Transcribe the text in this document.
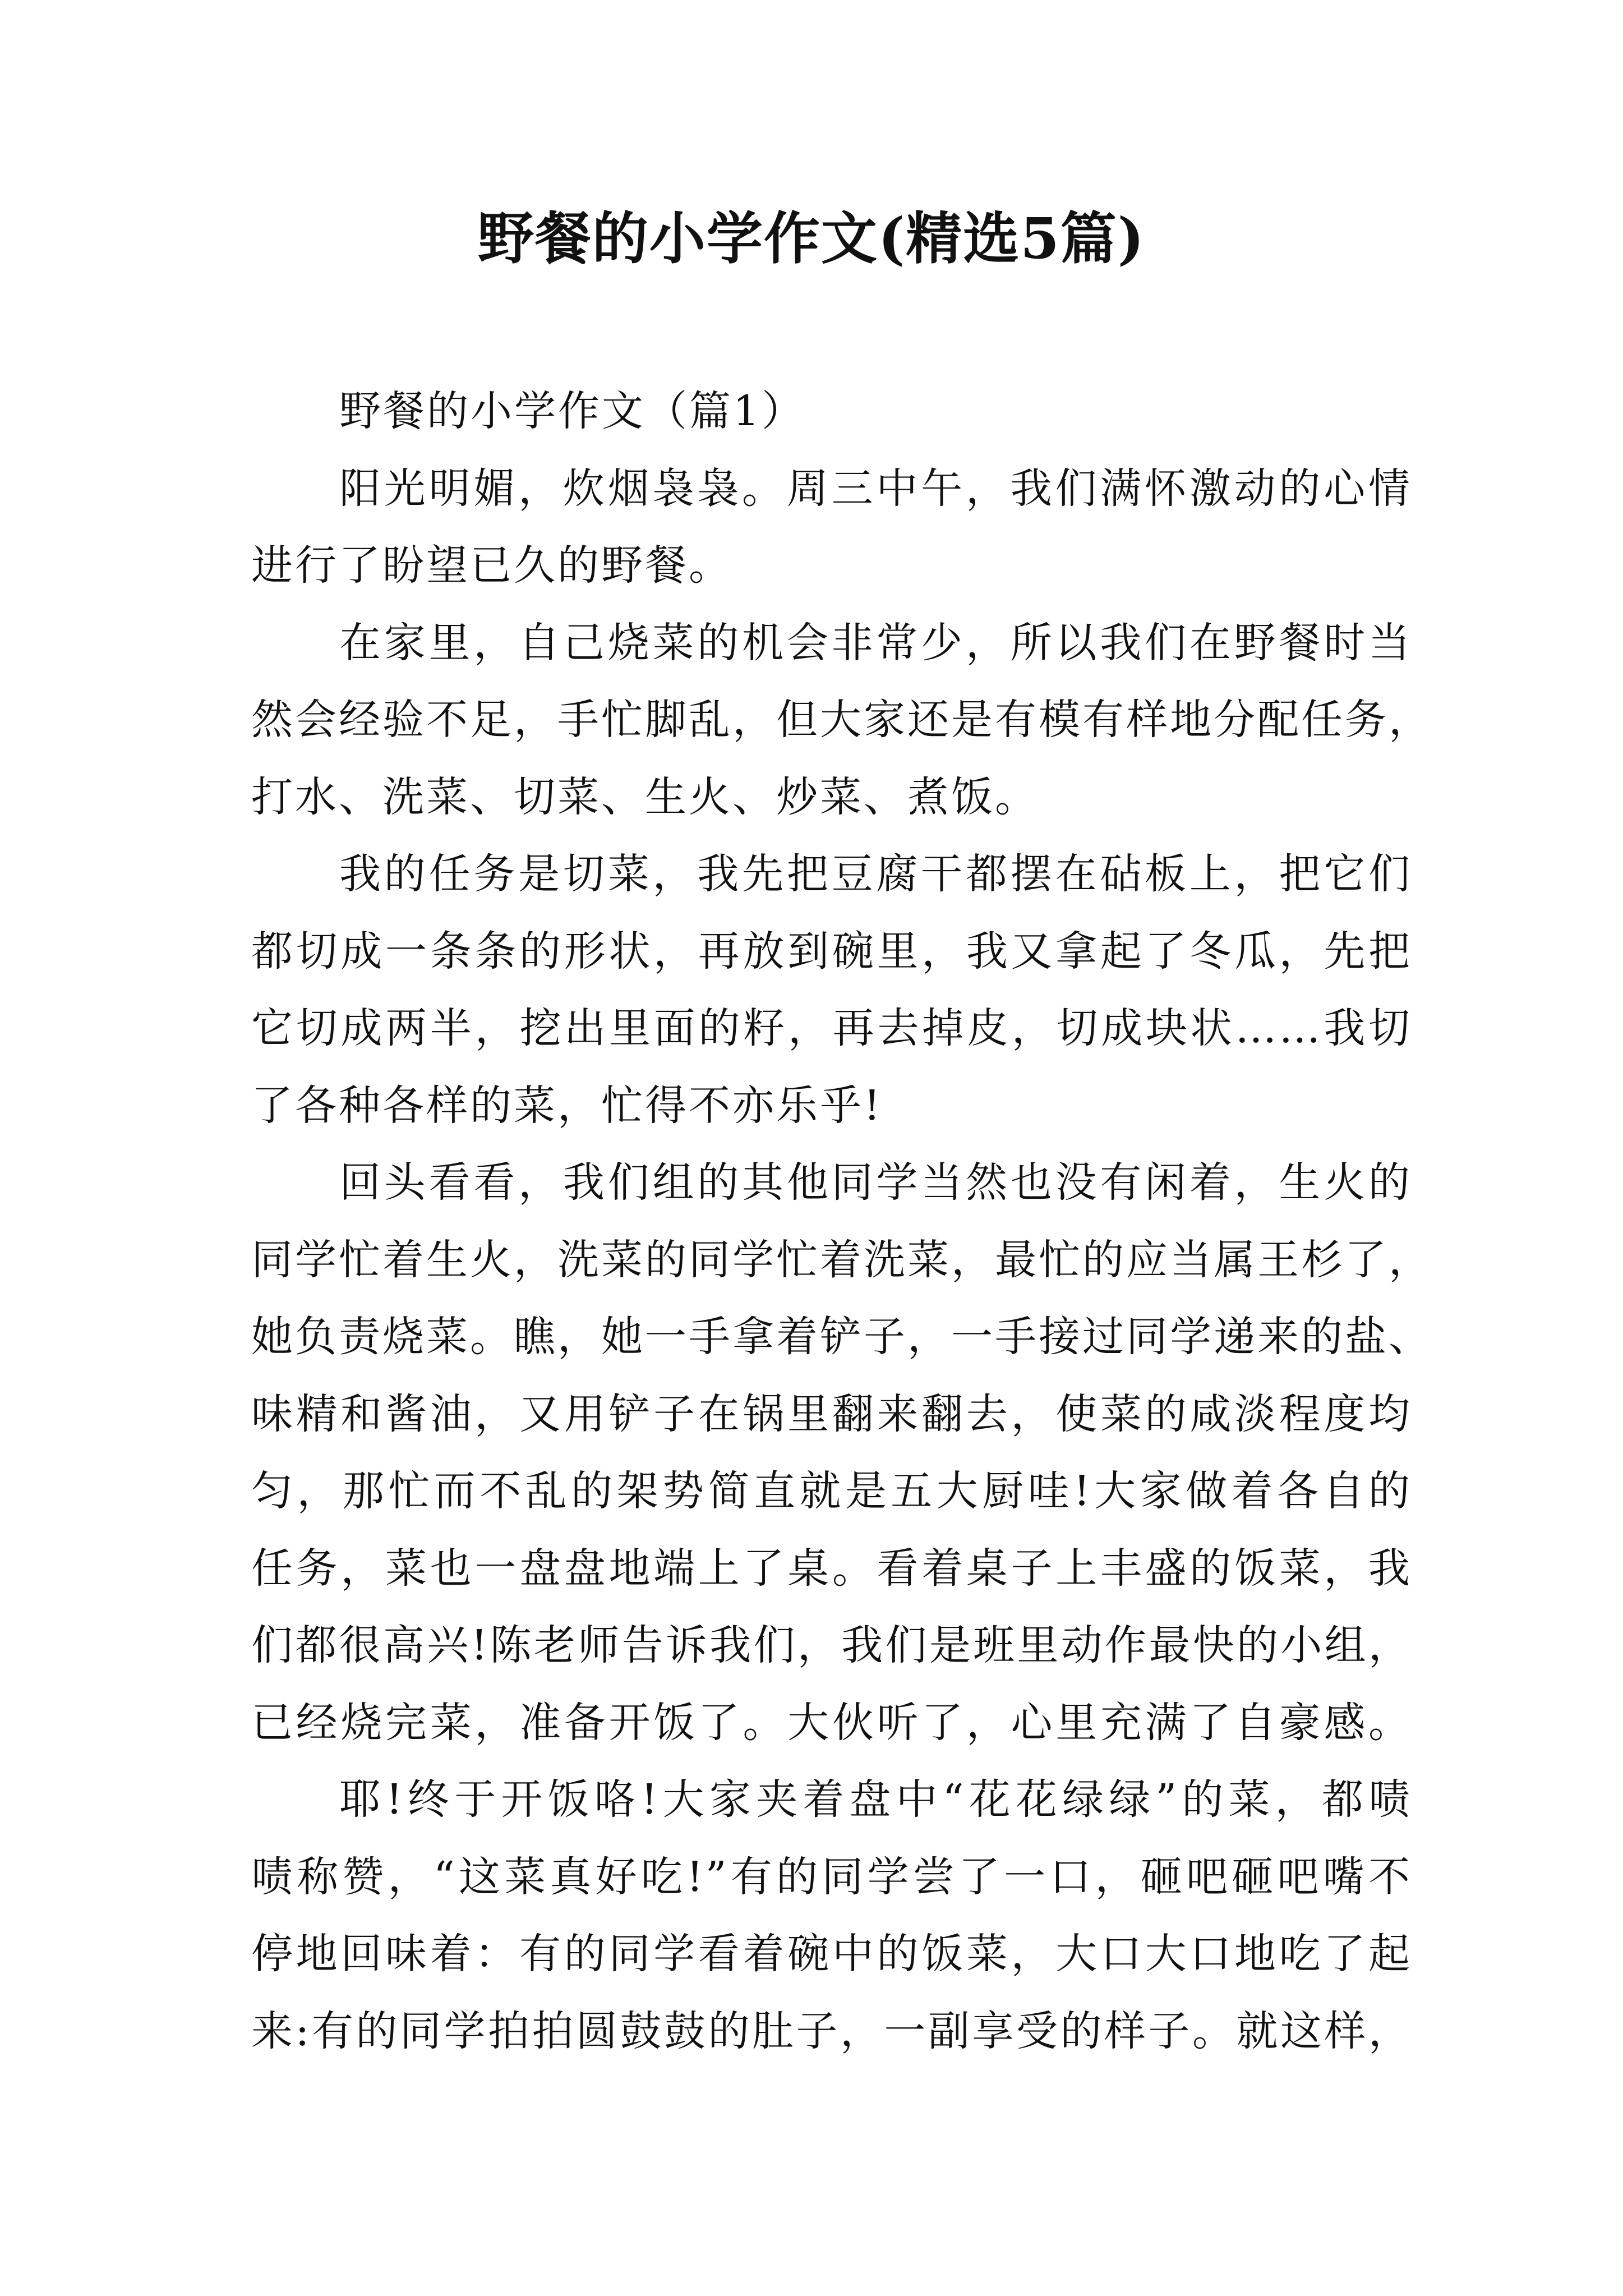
野餐的小学作文(精选5篇)
野餐的小学作文（篇1）
阳光明媚，炊烟袅袅。周三中午，我们满怀激动的心情
进行了盼望已久的野餐。
在家里，自己烧菜的机会非常少，所以我们在野餐时当
然会经验不足，手忙脚乱，但大家还是有模有样地分配任务，
打水、洗菜、切菜、生火、炒菜、煮饭。
我的任务是切菜，我先把豆腐干都摆在砧板上，把它们
都切成一条条的形状，再放到碗里，我又拿起了冬瓜，先把
它切成两半，挖出里面的籽，再去掉皮，切成块状……我切
了各种各样的菜，忙得不亦乐乎!
回头看看，我们组的其他同学当然也没有闲着，生火的
同学忙着生火，洗菜的同学忙着洗菜，最忙的应当属王杉了，
她负责烧菜。瞧，她一手拿着铲子，一手接过同学递来的盐、
味精和酱油，又用铲子在锅里翻来翻去，使菜的咸淡程度均
匀，那忙而不乱的架势简直就是五大厨哇!大家做着各自的
任务，菜也一盘盘地端上了桌。看着桌子上丰盛的饭菜，我
们都很高兴!陈老师告诉我们，我们是班里动作最快的小组，
已经烧完菜，准备开饭了。大伙听了，心里充满了自豪感。
耶!终于开饭咯!大家夹着盘中“花花绿绿”的菜，都啧
啧称赞，“这菜真好吃!”有的同学尝了一口，砸吧砸吧嘴不
停地回味着：有的同学看着碗中的饭菜，大口大口地吃了起
来:有的同学拍拍圆鼓鼓的肚子，一副享受的样子。就这样，
